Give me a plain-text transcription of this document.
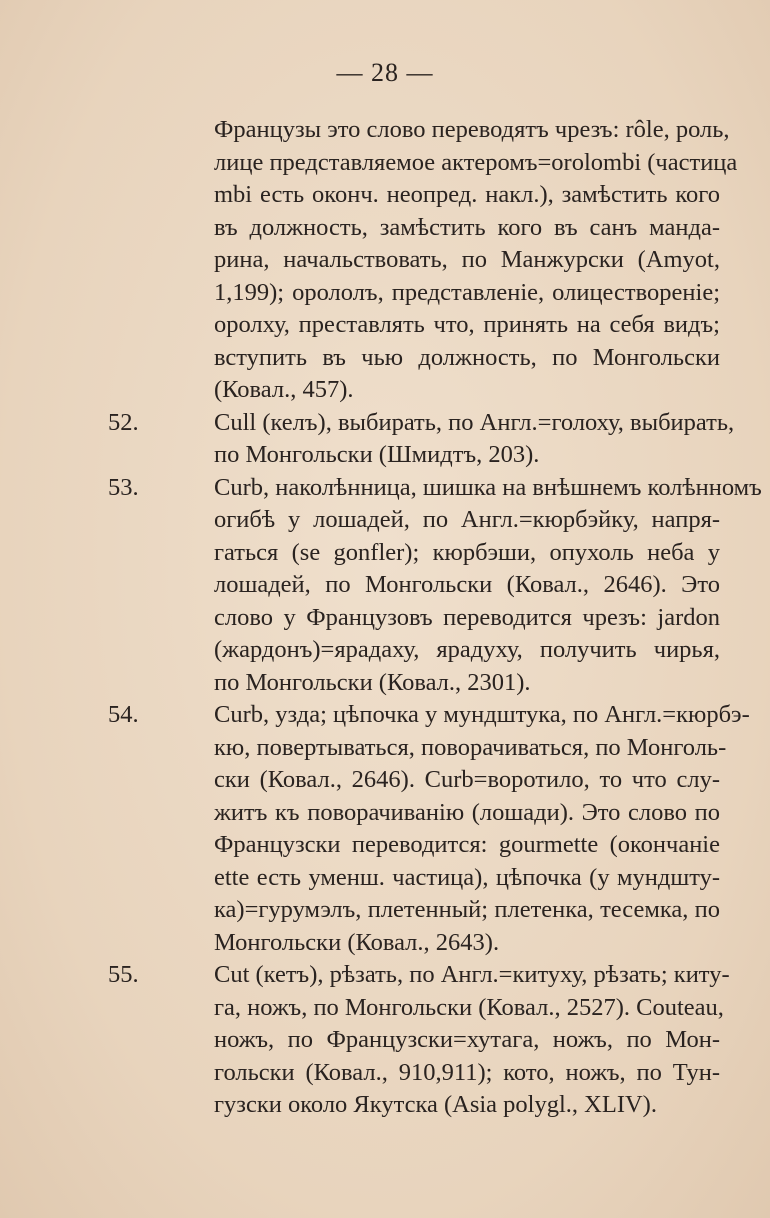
— 28 —
Французы это слово переводятъ чрезъ: rôle, роль,
лице представляемое актеромъ=orolombi (частица
mbi есть оконч. неопред. накл.), замѣстить кого
въ должность, замѣстить кого въ санъ манда-
рина, начальствовать, по Манжурски (Amyot,
1,199); орололъ, представленіе, олицествореніе;
оролху, преставлять что, принять на себя видъ;
вступить въ чью должность, по Монгольски
(Ковал., 457).
52.	Cull (келъ), выбирать, по Англ.=голоху, выбирать,
по Монгольски (Шмидтъ, 203).
53.	Curb, наколѣнница, шишка на внѣшнемъ колѣнномъ
огибѣ у лошадей, по Англ.=кюрбэйку, напря-
гаться (se gonfler); кюрбэши, опухоль неба у
лошадей, по Монгольски (Ковал., 2646). Это
слово у Французовъ переводится чрезъ: jardon
(жардонъ)=ярадаху, ярадуху, получить чирья,
по Монгольски (Ковал., 2301).
54.	Curb, узда; цѣпочка у мундштука, по Англ.=кюрбэ-
кю, повертываться, поворачиваться, по Монголь-
ски (Ковал., 2646). Curb=воротило, то что слу-
житъ къ поворачиванію (лошади). Это слово по
Французски переводится: gourmette (окончаніе
ette есть уменш. частица), цѣпочка (у мундшту-
ка)=гурумэлъ, плетенный; плетенка, тесемка, по
Монгольски (Ковал., 2643).
55.	Cut (кетъ), рѣзать, по Англ.=китуху, рѣзать; киту-
га, ножъ, по Монгольски (Ковал., 2527). Couteau,
ножъ, по Французски=хутага, ножъ, по Мон-
гольски (Ковал., 910,911); кото, ножъ, по Тун-
гузски около Якутска (Asia polygl., XLIV).
